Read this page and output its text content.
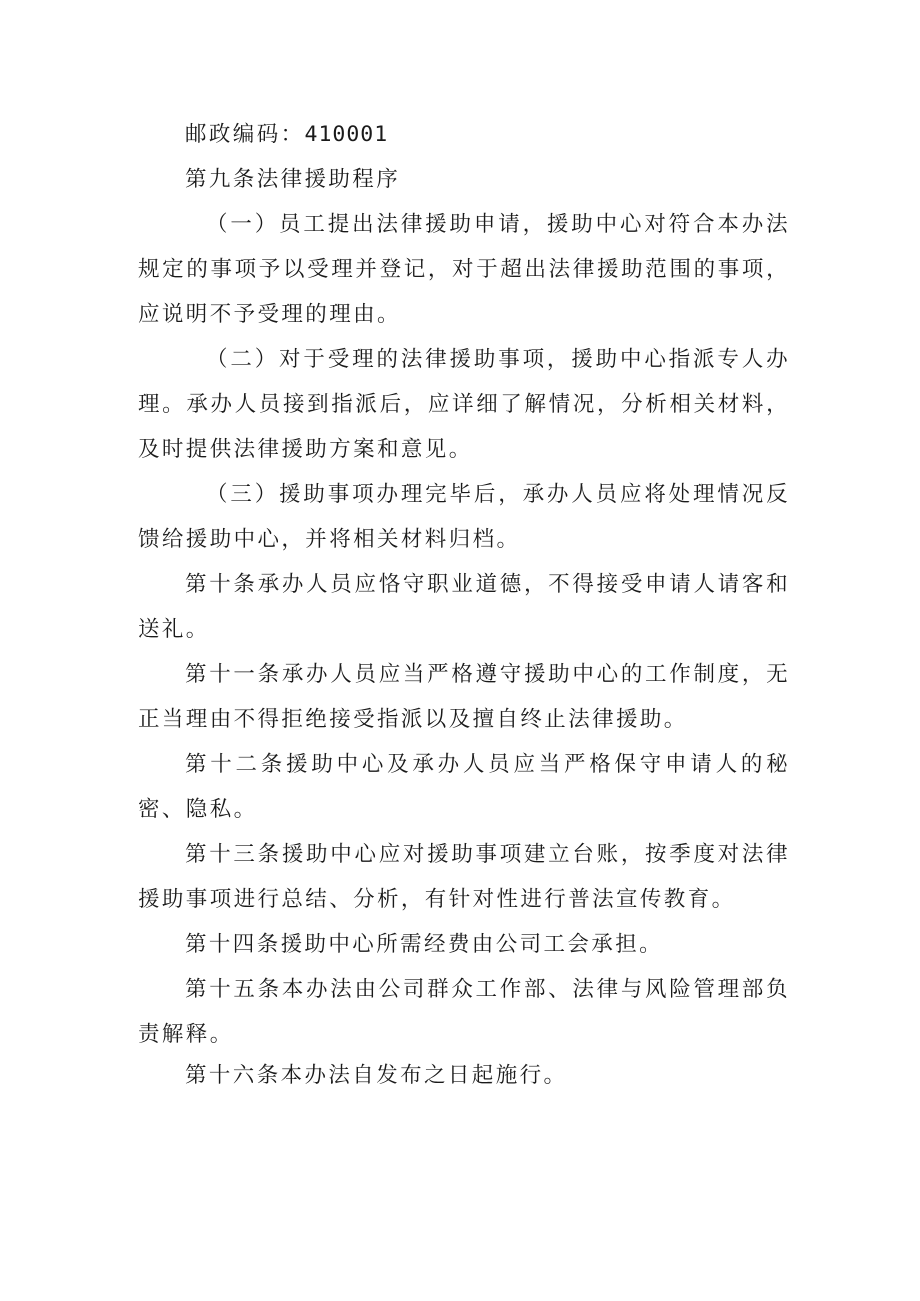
邮政编码：410001

第九条法律援助程序

（一）员工提出法律援助申请，援助中心对符合本办法规定的事项予以受理并登记，对于超出法律援助范围的事项，应说明不予受理的理由。

（二）对于受理的法律援助事项，援助中心指派专人办理。承办人员接到指派后，应详细了解情况，分析相关材料，及时提供法律援助方案和意见。

（三）援助事项办理完毕后，承办人员应将处理情况反馈给援助中心，并将相关材料归档。

第十条承办人员应恪守职业道德，不得接受申请人请客和送礼。

第十一条承办人员应当严格遵守援助中心的工作制度，无正当理由不得拒绝接受指派以及擅自终止法律援助。

第十二条援助中心及承办人员应当严格保守申请人的秘密、隐私。

第十三条援助中心应对援助事项建立台账，按季度对法律援助事项进行总结、分析，有针对性进行普法宣传教育。

第十四条援助中心所需经费由公司工会承担。

第十五条本办法由公司群众工作部、法律与风险管理部负责解释。

第十六条本办法自发布之日起施行。
